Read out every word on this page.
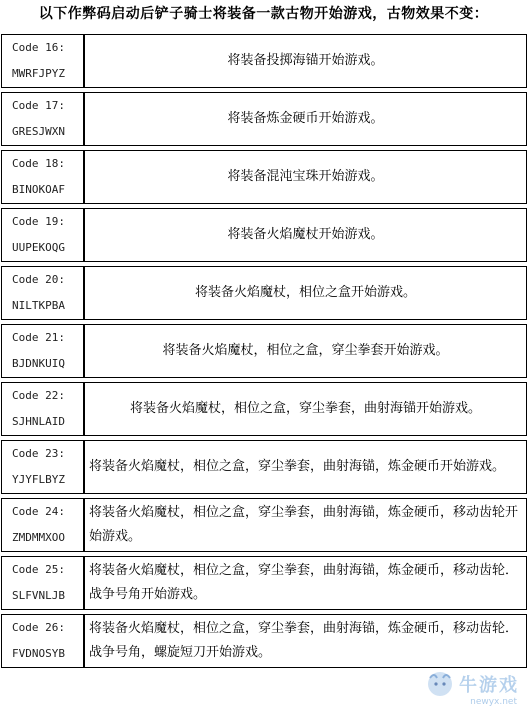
以下作弊码启动后铲子骑士将装备一款古物开始游戏，古物效果不变：
Code 16:
MWRFJPYZ	将装备投掷海锚开始游戏。

Code 17:
GRESJWXN	将装备炼金硬币开始游戏。

Code 18:
BINOKOAF	将装备混沌宝珠开始游戏。

Code 19:
UUPEKOQG	将装备火焰魔杖开始游戏。

Code 20:
NILTKPBA	将装备火焰魔杖，相位之盒开始游戏。

Code 21:
BJDNKUIQ	将装备火焰魔杖，相位之盒，穿尘拳套开始游戏。

Code 22:
SJHNLAID	将装备火焰魔杖，相位之盒，穿尘拳套，曲射海锚开始游戏。

Code 23:
YJYFLBYZ	将装备火焰魔杖，相位之盒，穿尘拳套，曲射海锚，炼金硬币开始游戏。

Code 24:
ZMDMMXOO	将装备火焰魔杖，相位之盒，穿尘拳套，曲射海锚，炼金硬币，移动齿轮开始游戏。

Code 25:
SLFVNLJB	将装备火焰魔杖，相位之盒，穿尘拳套，曲射海锚，炼金硬币，移动齿轮．战争号角开始游戏。

Code 26:
FVDNOSYB	将装备火焰魔杖，相位之盒，穿尘拳套，曲射海锚，炼金硬币，移动齿轮．战争号角，螺旋短刀开始游戏。
牛游戏
newyx.net
